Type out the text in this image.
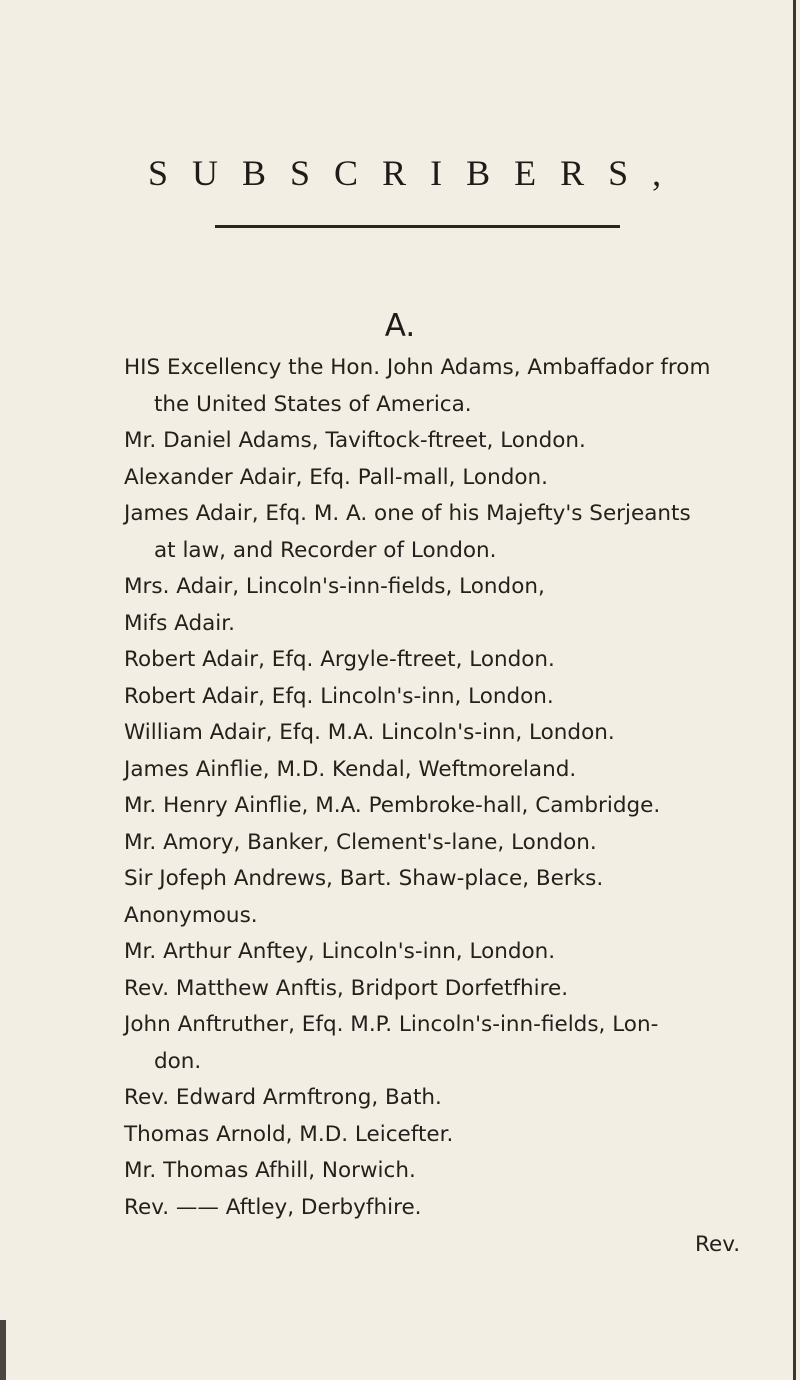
SUBSCRIBERS,
A.
HIS Excellency the Hon. John Adams, Ambaffador from
the United States of America.
Mr. Daniel Adams, Taviftock-ftreet, London.
Alexander Adair, Efq. Pall-mall, London.
James Adair, Efq. M. A. one of his Majefty's Serjeants
at law, and Recorder of London.
Mrs. Adair, Lincoln's-inn-fields, London,
Mifs Adair.
Robert Adair, Efq. Argyle-ftreet, London.
Robert Adair, Efq. Lincoln's-inn, London.
William Adair, Efq. M.A. Lincoln's-inn, London.
James Ainflie, M.D. Kendal, Weftmoreland.
Mr. Henry Ainflie, M.A. Pembroke-hall, Cambridge.
Mr. Amory, Banker, Clement's-lane, London.
Sir Jofeph Andrews, Bart. Shaw-place, Berks.
Anonymous.
Mr. Arthur Anftey, Lincoln's-inn, London.
Rev. Matthew Anftis, Bridport Dorfetfhire.
John Anftruther, Efq. M.P. Lincoln's-inn-fields, Lon-
don.
Rev. Edward Armftrong, Bath.
Thomas Arnold, M.D. Leicefter.
Mr. Thomas Afhill, Norwich.
Rev. —— Aftley, Derbyfhire.
Rev.
